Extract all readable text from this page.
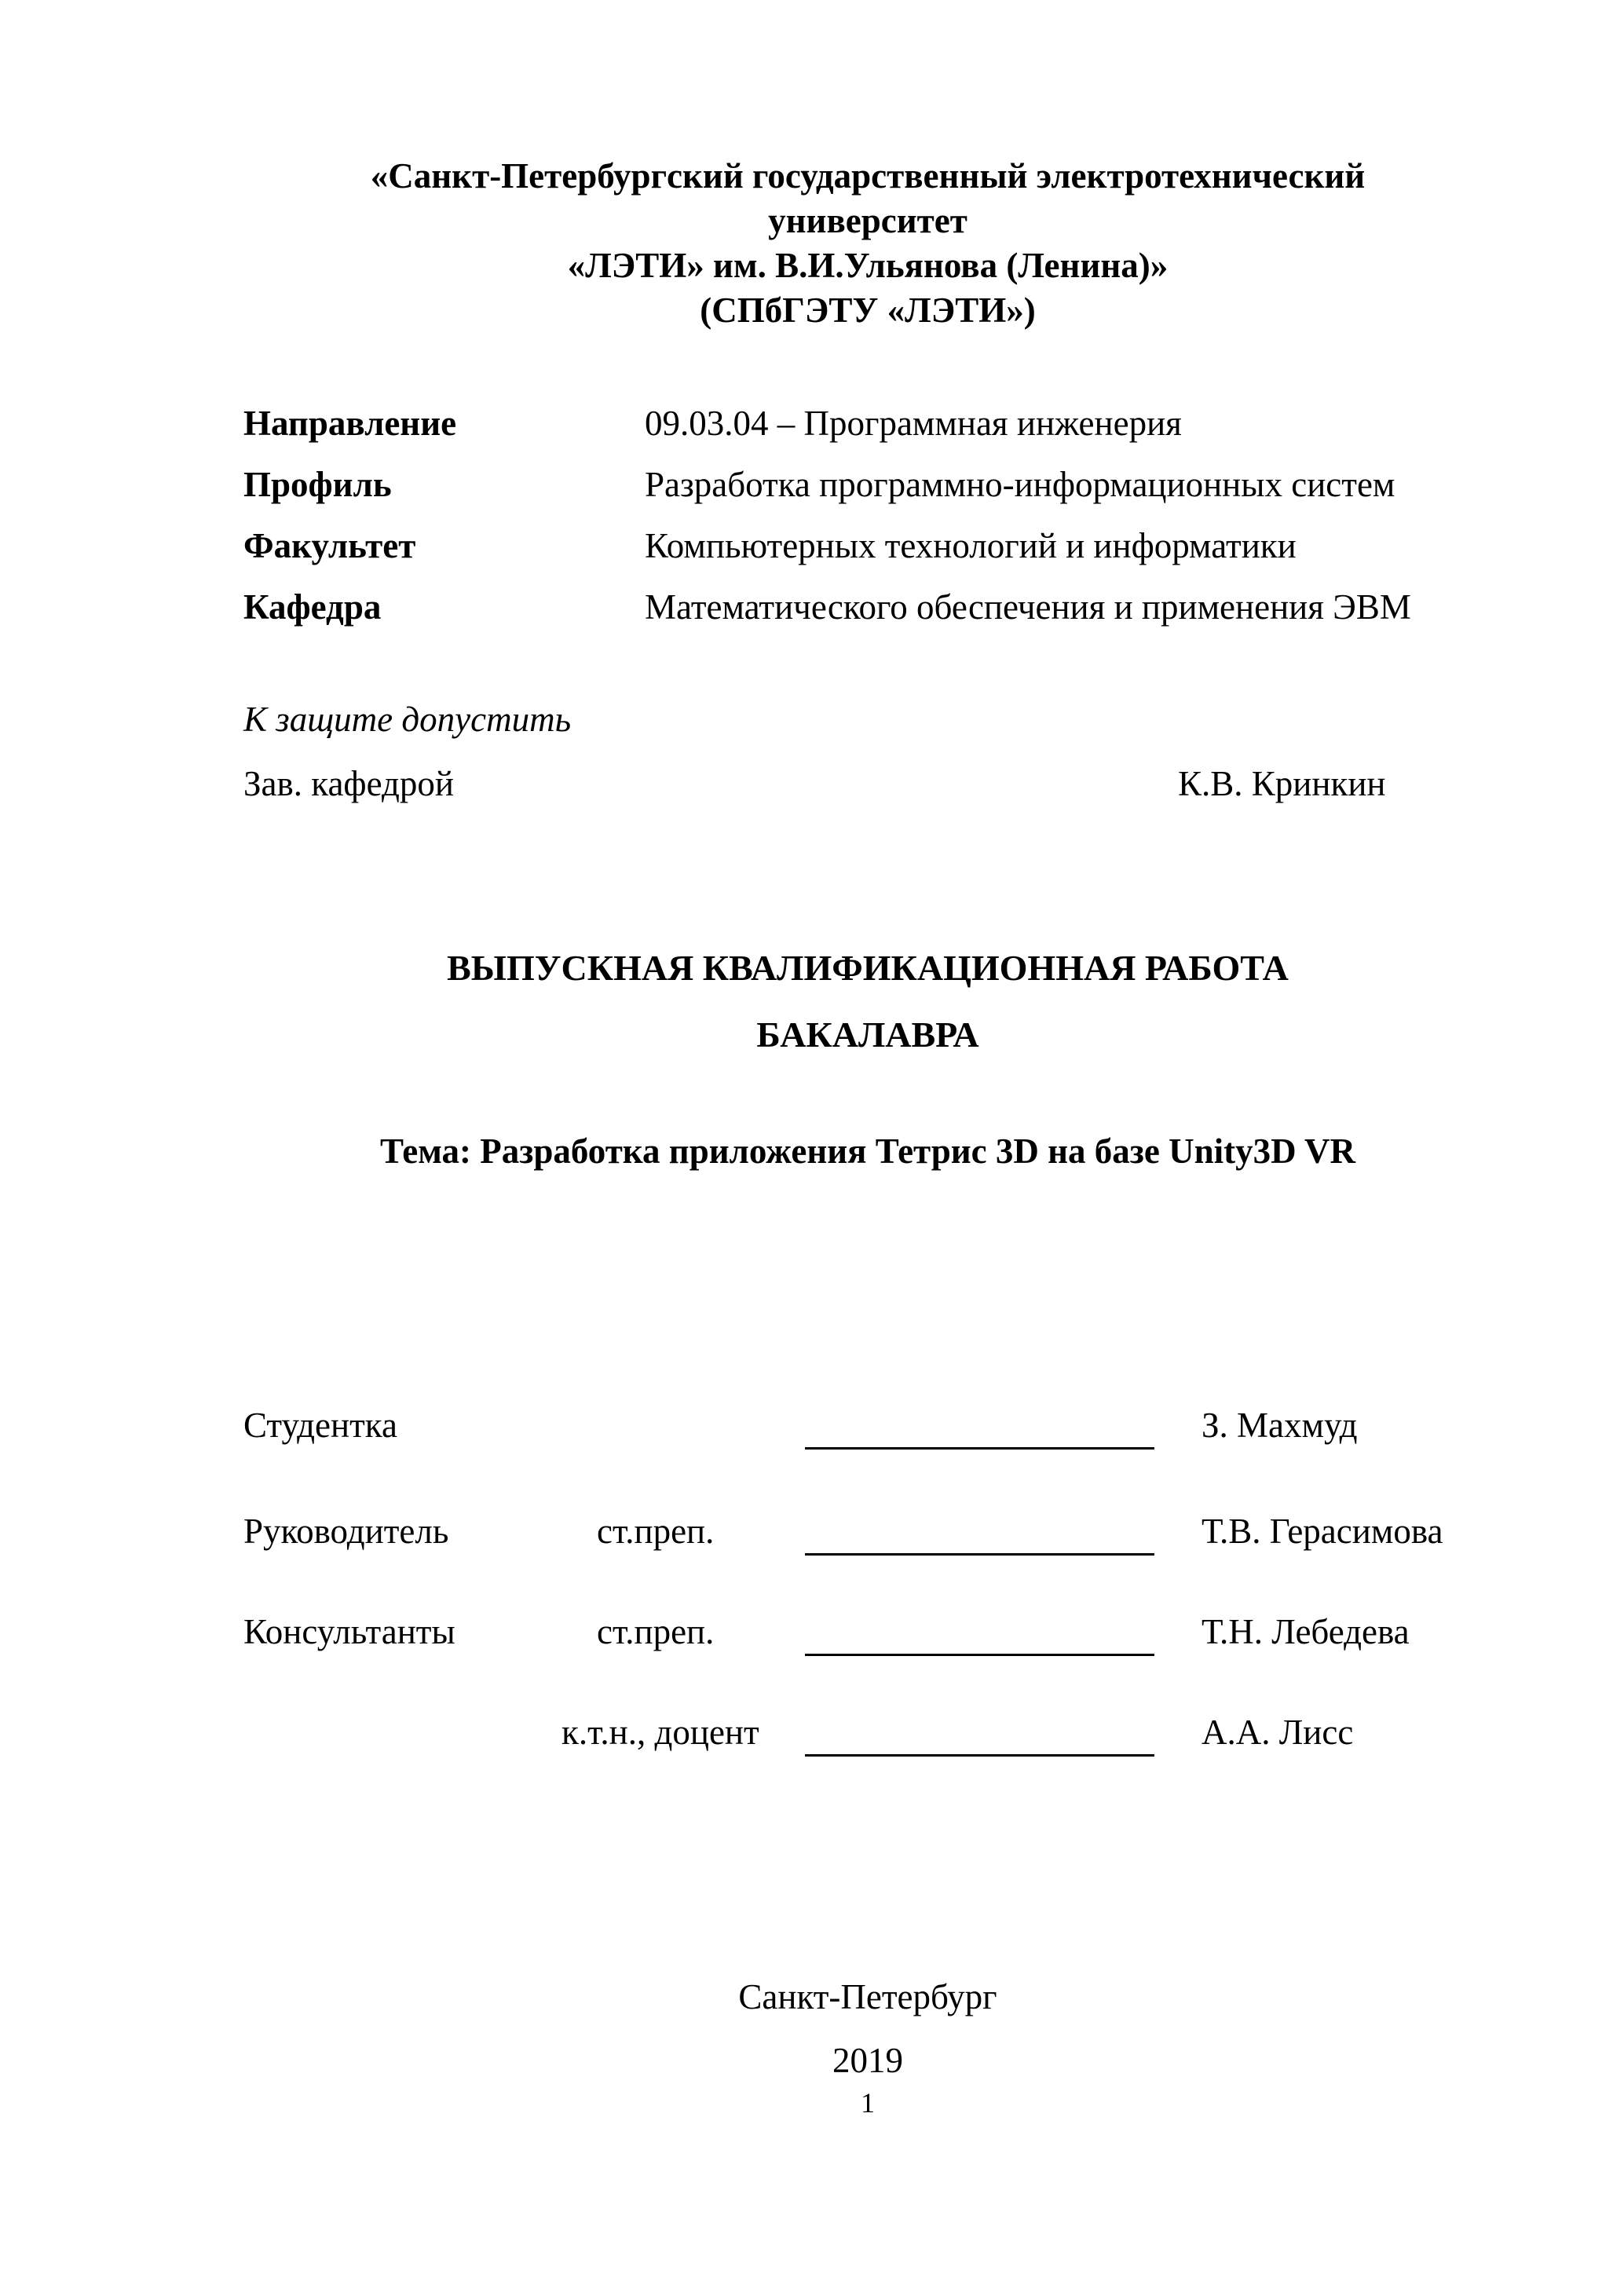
«Санкт-Петербургский государственный электротехнический
университет
«ЛЭТИ» им. В.И.Ульянова (Ленина)»
(СПбГЭТУ «ЛЭТИ»)
Направление	09.03.04 – Программная инженерия
Профиль	Разработка программно-информационных систем
Факультет	Компьютерных технологий и информатики
Кафедра	Математического обеспечения и применения ЭВМ
К защите допустить
Зав. кафедрой	К.В. Кринкин
ВЫПУСКНАЯ КВАЛИФИКАЦИОННАЯ РАБОТА
БАКАЛАВРА
Тема: Разработка приложения Тетрис 3D на базе Unity3D VR
Студентка	З. Махмуд
Руководитель	ст.преп.	Т.В. Герасимова
Консультанты	ст.преп.	Т.Н. Лебедева
к.т.н., доцент	А.А. Лисс
Санкт-Петербург
2019
1
